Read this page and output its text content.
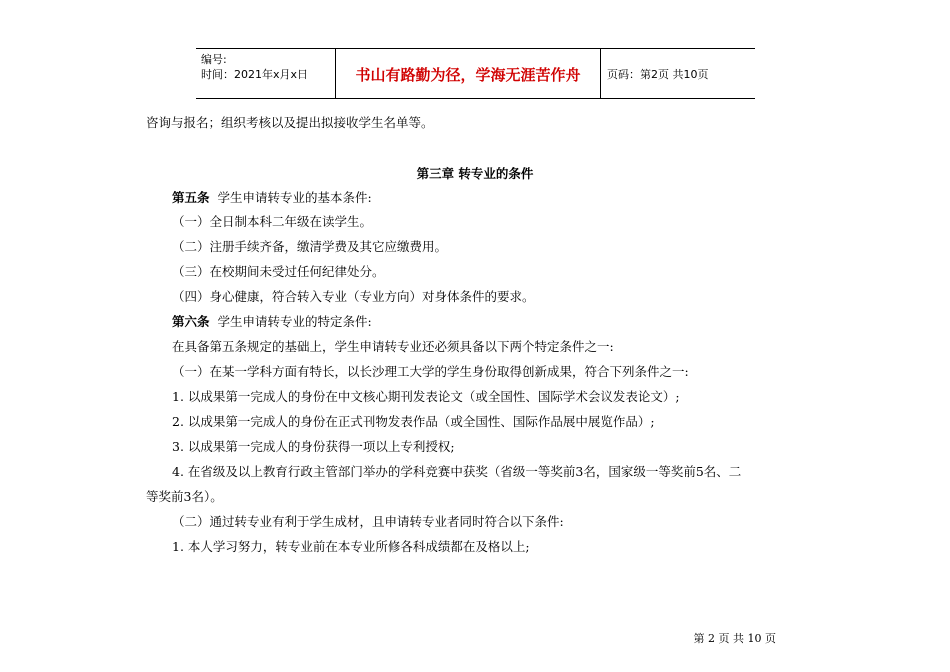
编号:
时间：2021年x月x日	书山有路勤为径，学海无涯苦作舟	页码：第2页 共10页
咨询与报名；组织考核以及提出拟接收学生名单等。
第三章 转专业的条件
第五条 学生申请转专业的基本条件:
（一）全日制本科二年级在读学生。
（二）注册手续齐备，缴清学费及其它应缴费用。
（三）在校期间未受过任何纪律处分。
（四）身心健康，符合转入专业（专业方向）对身体条件的要求。
第六条 学生申请转专业的特定条件:
在具备第五条规定的基础上，学生申请转专业还必须具备以下两个特定条件之一:
（一）在某一学科方面有特长，以长沙理工大学的学生身份取得创新成果，符合下列条件之一:
1. 以成果第一完成人的身份在中文核心期刊发表论文（或全国性、国际学术会议发表论文）;
2. 以成果第一完成人的身份在正式刊物发表作品（或全国性、国际作品展中展览作品）;
3. 以成果第一完成人的身份获得一项以上专利授权;
4. 在省级及以上教育行政主管部门举办的学科竞赛中获奖（省级一等奖前3名，国家级一等奖前5名、二
等奖前3名）。
（二）通过转专业有利于学生成材，且申请转专业者同时符合以下条件:
1. 本人学习努力，转专业前在本专业所修各科成绩都在及格以上;
第 2 页 共 10 页
